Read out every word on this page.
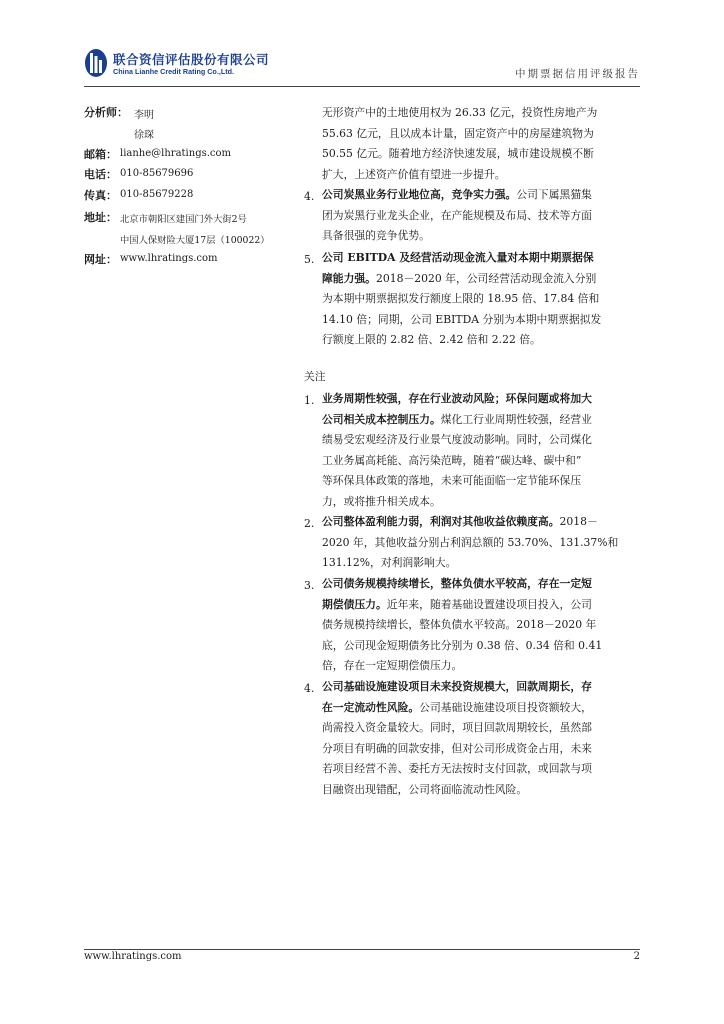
联合资信评估股份有限公司
China Lianhe Credit Rating Co.,Ltd.	中期票据信用评级报告
分析师： 李明
徐琛
邮箱： lianhe@lhratings.com
电话： 010-85679696
传真： 010-85679228
地址： 北京市朝阳区建国门外大街2号
中国人保财险大厦17层（100022）
网址： www.lhratings.com
无形资产中的土地使用权为 26.33 亿元，投资性房地产为
55.63 亿元，且以成本计量，固定资产中的房屋建筑物为
50.55 亿元。随着地方经济快速发展，城市建设规模不断
扩大，上述资产价值有望进一步提升。
4. 公司炭黑业务行业地位高，竞争实力强。公司下属黑猫集
团为炭黑行业龙头企业，在产能规模及布局、技术等方面
具备很强的竞争优势。
5. 公司 EBITDA 及经营活动现金流入量对本期中期票据保
障能力强。2018－2020 年，公司经营活动现金流入分别
为本期中期票据拟发行额度上限的 18.95 倍、17.84 倍和
14.10 倍；同期，公司 EBITDA 分别为本期中期票据拟发
行额度上限的 2.82 倍、2.42 倍和 2.22 倍。
关注
1. 业务周期性较强，存在行业波动风险；环保问题或将加大
公司相关成本控制压力。煤化工行业周期性较强，经营业
绩易受宏观经济及行业景气度波动影响。同时，公司煤化
工业务属高耗能、高污染范畴，随着“碳达峰、碳中和”
等环保具体政策的落地，未来可能面临一定节能环保压
力，或将推升相关成本。
2. 公司整体盈利能力弱，利润对其他收益依赖度高。2018－
2020 年，其他收益分别占利润总额的 53.70%、131.37%和
131.12%，对利润影响大。
3. 公司债务规模持续增长，整体负债水平较高，存在一定短
期偿债压力。近年来，随着基础设置建设项目投入，公司
债务规模持续增长，整体负债水平较高。2018－2020 年
底，公司现金短期债务比分别为 0.38 倍、0.34 倍和 0.41
倍，存在一定短期偿债压力。
4. 公司基础设施建设项目未来投资规模大，回款周期长，存
在一定流动性风险。公司基础设施建设项目投资额较大，
尚需投入资金量较大。同时，项目回款周期较长，虽然部
分项目有明确的回款安排，但对公司形成资金占用，未来
若项目经营不善、委托方无法按时支付回款，或回款与项
目融资出现错配，公司将面临流动性风险。
www.lhratings.com	2
